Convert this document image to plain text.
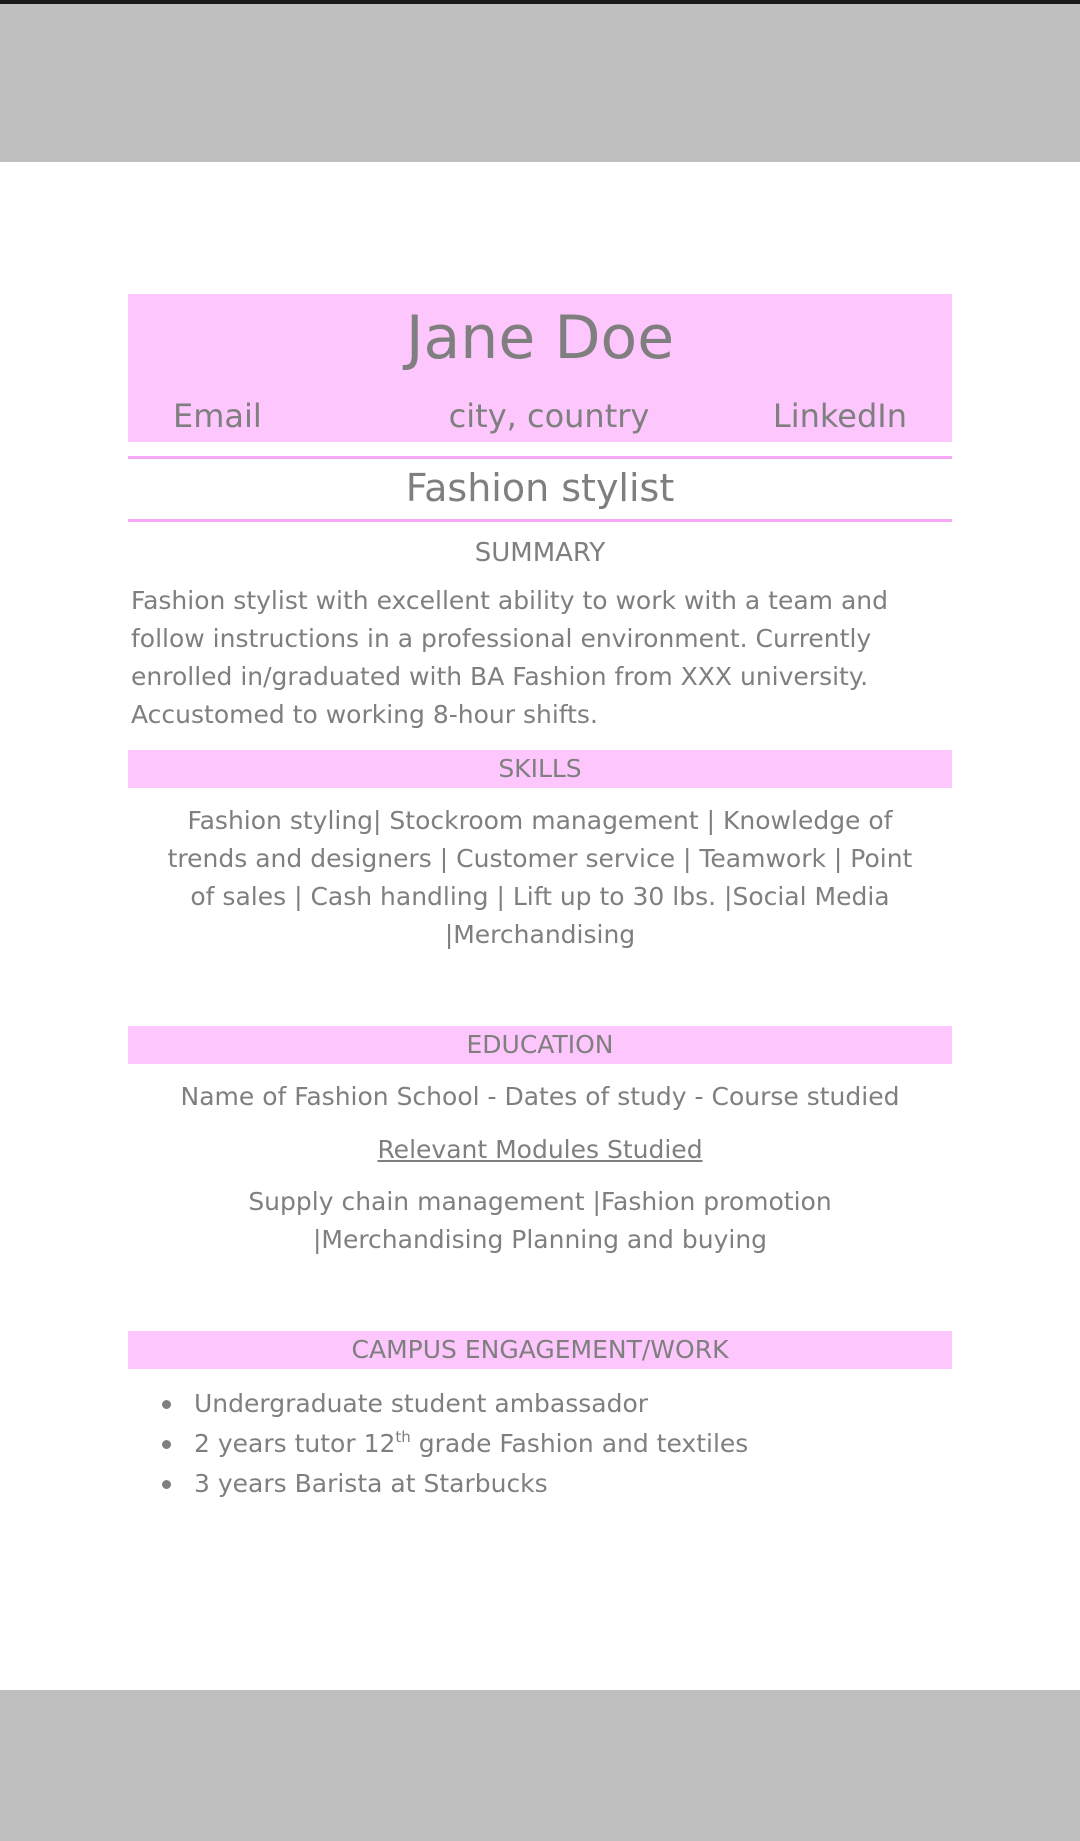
Jane Doe
Email	city, country	LinkedIn
Fashion stylist
SUMMARY
Fashion stylist with excellent ability to work with a team and follow instructions in a professional environment. Currently enrolled in/graduated with BA Fashion from XXX university. Accustomed to working 8-hour shifts.
SKILLS
Fashion styling| Stockroom management | Knowledge of trends and designers | Customer service | Teamwork | Point of sales | Cash handling | Lift up to 30 lbs. |Social Media |Merchandising
EDUCATION
Name of Fashion School - Dates of study - Course studied
Relevant Modules Studied
Supply chain management |Fashion promotion |Merchandising Planning and buying
CAMPUS ENGAGEMENT/WORK
Undergraduate student ambassador
2 years tutor 12th grade Fashion and textiles
3 years Barista at Starbucks
